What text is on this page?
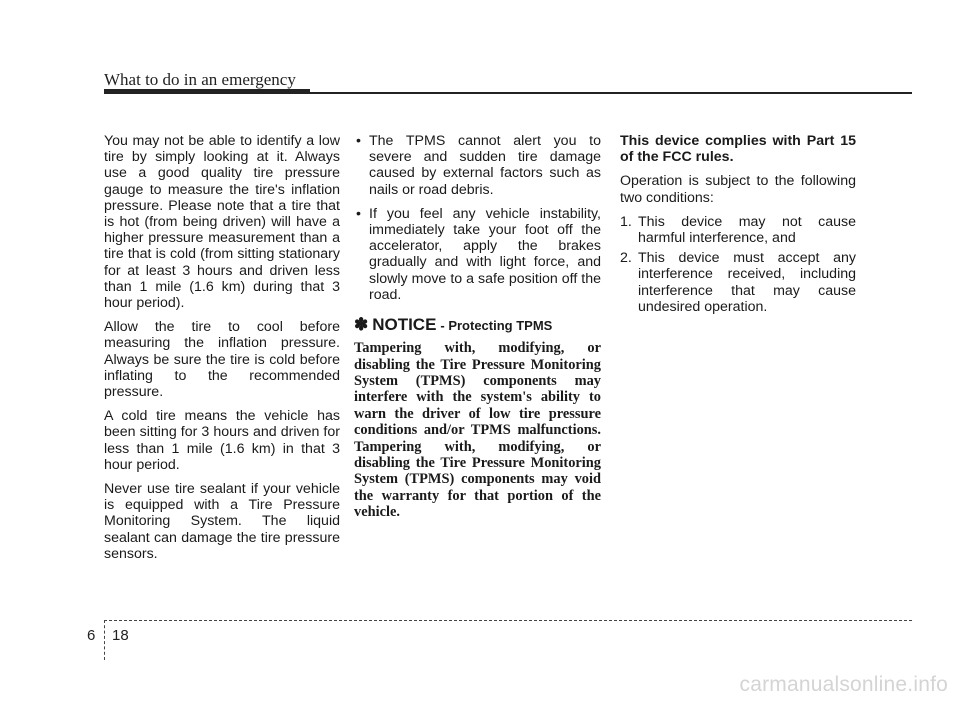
What to do in an emergency

You may not be able to identify a low tire by simply looking at it. Always use a good quality tire pressure gauge to measure the tire's inflation pressure. Please note that a tire that is hot (from being driven) will have a higher pressure measurement than a tire that is cold (from sitting stationary for at least 3 hours and driven less than 1 mile (1.6 km) during that 3 hour period).

Allow the tire to cool before measuring the inflation pressure. Always be sure the tire is cold before inflating to the recommended pressure.

A cold tire means the vehicle has been sitting for 3 hours and driven for less than 1 mile (1.6 km) in that 3 hour period.

Never use tire sealant if your vehicle is equipped with a Tire Pressure Monitoring System. The liquid sealant can damage the tire pressure sensors.

• The TPMS cannot alert you to severe and sudden tire damage caused by external factors such as nails or road debris.
• If you feel any vehicle instability, immediately take your foot off the accelerator, apply the brakes gradually and with light force, and slowly move to a safe position off the road.
✽ NOTICE - Protecting TPMS

Tampering with, modifying, or disabling the Tire Pressure Monitoring System (TPMS) components may interfere with the system's ability to warn the driver of low tire pressure conditions and/or TPMS malfunctions. Tampering with, modifying, or disabling the Tire Pressure Monitoring System (TPMS) components may void the warranty for that portion of the vehicle.

This device complies with Part 15 of the FCC rules.

Operation is subject to the following two conditions:

1. This device may not cause harmful interference, and
2. This device must accept any interference received, including interference that may cause undesired operation.
6 18
carmanualsonline.info
